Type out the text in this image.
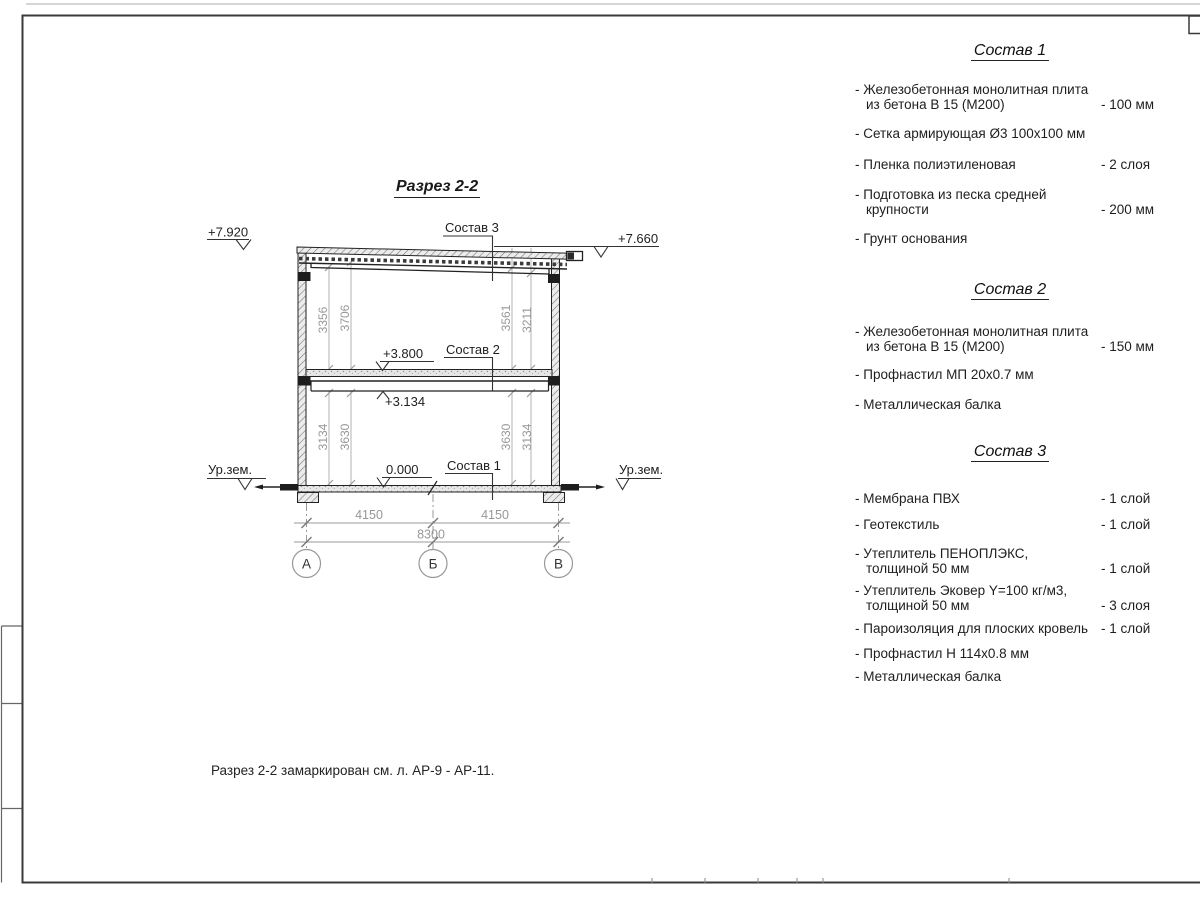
Состав 3
Состав 2
Состав 1
+7.920	+7.660
+3.800
+3.134
0.000
Ур.зем.	Ур.зем.
4150	4150
8300
3356 3706	3561 3211
3134 3630	3630 3134
А	Б	В
Разрез 2-2
Разрез 2-2 замаркирован см. л. АР-9 - АР-11.
Состав 1
- Железобетонная монолитная плита
из бетона В 15 (М200)	- 100 мм
- Сетка армирующая Ø3 100х100 мм
- Пленка полиэтиленовая	- 2 слоя
- Подготовка из песка средней
крупности	- 200 мм
- Грунт основания
Состав 2
- Железобетонная монолитная плита
из бетона В 15 (М200)	- 150 мм
- Профнастил МП 20х0.7 мм
- Металлическая балка
Состав 3
- Мембрана ПВХ	- 1 слой
- Геотекстиль	- 1 слой
- Утеплитель ПЕНОПЛЭКС,
толщиной 50 мм	- 1 слой
- Утеплитель Эковер Y=100 кг/м3,
толщиной 50 мм	- 3 слоя
- Пароизоляция для плоских кровель - 1 слой
- Профнастил Н 114х0.8 мм
- Металлическая балка
